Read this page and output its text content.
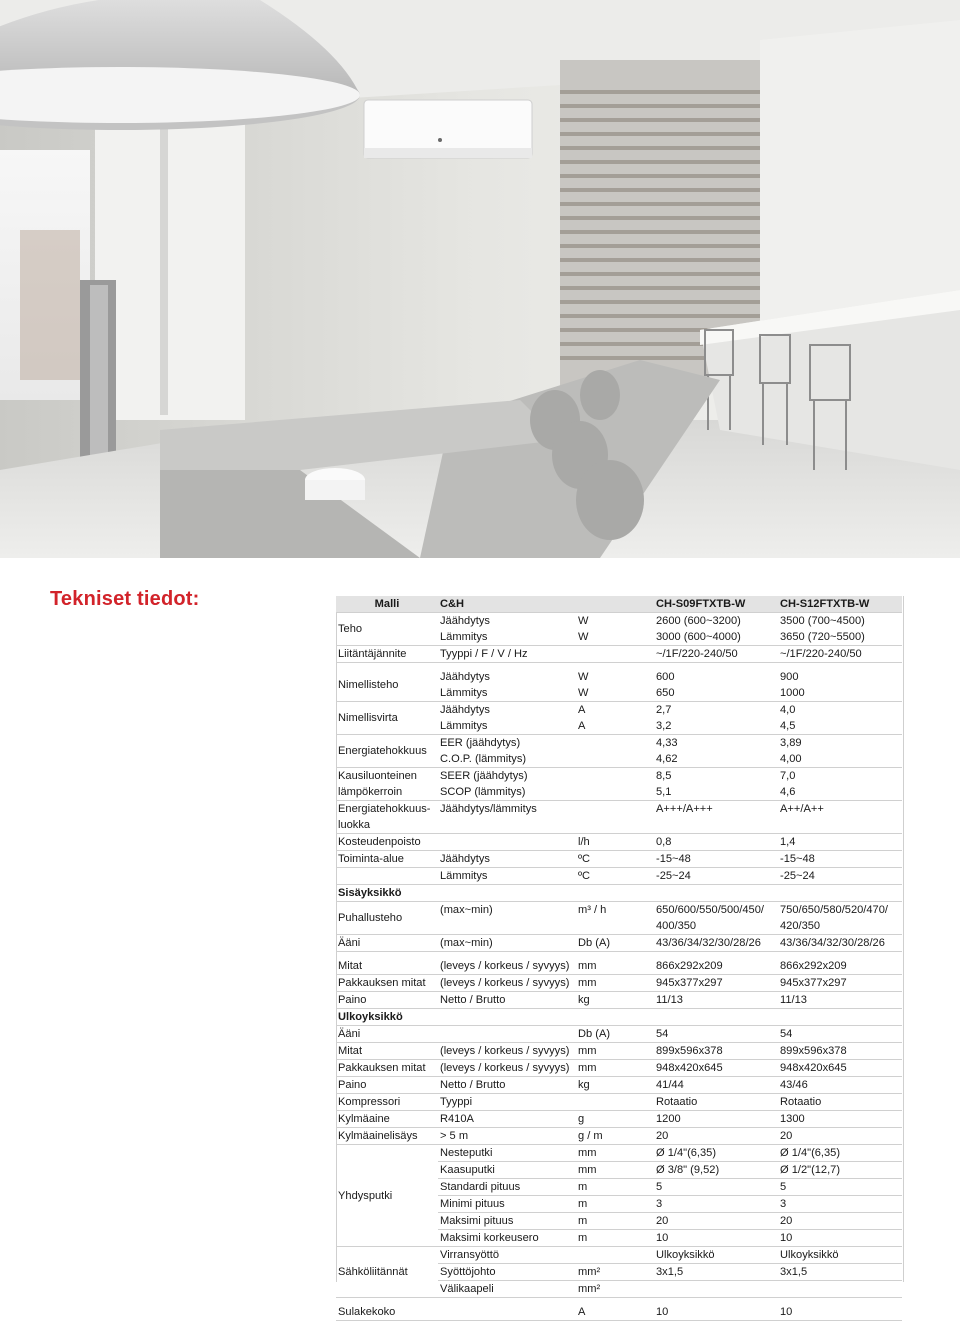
Tekniset tiedot:	Malli	C&H		CH-S09FTXTB-W	CH-S12FTXTB-W
Teho	Jäähdytys	W	2600 (600~3200)	3500 (700~4500)
	Lämmitys	W	3000 (600~4000)	3650 (720~5500)
Liitäntäjännite	Tyyppi / F / V / Hz		~/1F/220-240/50	~/1F/220-240/50

Nimellisteho	Jäähdytys	W	600	900
	Lämmitys	W	650	1000
Nimellisvirta	Jäähdytys	A	2,7	4,0
	Lämmitys	A	3,2	4,5
Energiatehokkuus	EER (jäähdytys)		4,33	3,89
	C.O.P. (lämmitys)		4,62	4,00
Kausiluonteinen	SEER (jäähdytys)		8,5	7,0
lämpökerroin	SCOP (lämmitys)		5,1	4,6
Energiatehokkuus-	Jäähdytys/lämmitys		A+++/A+++	A++/A++
luokka				
Kosteudenpoisto		l/h	0,8	1,4
Toiminta-alue	Jäähdytys	ºC	-15~48	-15~48
	Lämmitys	ºC	-25~24	-25~24
Sisäyksikkö				
Puhallusteho	(max~min)	m³ / h	650/600/550/500/450/	750/650/580/520/470/
			400/350	420/350
Ääni	(max~min)	Db (A)	43/36/34/32/30/28/26	43/36/34/32/30/28/26

Mitat	(leveys / korkeus / syvyys)	mm	866x292x209	866x292x209
Pakkauksen mitat	(leveys / korkeus / syvyys)	mm	945x377x297	945x377x297
Paino	Netto / Brutto	kg	11/13	11/13
Ulkoyksikkö				
Ääni		Db (A)	54	54
Mitat	(leveys / korkeus / syvyys)	mm	899x596x378	899x596x378
Pakkauksen mitat	(leveys / korkeus / syvyys)	mm	948x420x645	948x420x645
Paino	Netto / Brutto	kg	41/44	43/46
Kompressori	Tyyppi		Rotaatio	Rotaatio
Kylmäaine	R410A	g	1200	1300
Kylmäainelisäys	> 5 m	g / m	20	20
Yhdysputki	Nesteputki	mm	Ø 1/4"(6,35)	Ø 1/4"(6,35)
	Kaasuputki	mm	Ø 3/8" (9,52)	Ø 1/2"(12,7)
	Standardi pituus	m	5	5
	Minimi pituus	m	3	3
	Maksimi pituus	m	20	20
	Maksimi korkeusero	m	10	10
Sähköliitännät	Virransyöttö		Ulkoyksikkö	Ulkoyksikkö
	Syöttöjohto	mm²	3x1,5	3x1,5
	Välikaapeli	mm²		

Sulakekoko		A	10	10
